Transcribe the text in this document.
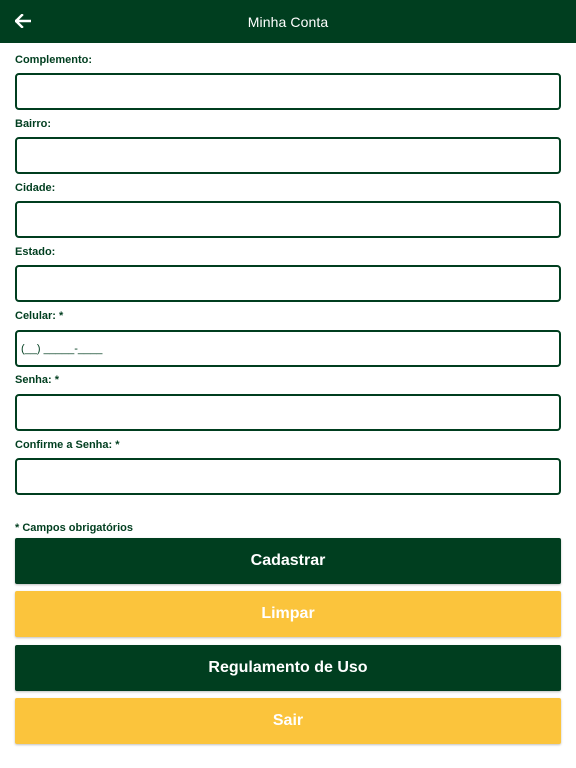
Complemento:
Bairro:
Cidade:
Estado:
Celular: *
(__) _____-____
Senha: *
Confirme a Senha: *
* Campos obrigatórios
Cadastrar
Limpar
Regulamento de Uso
Sair
Minha Conta
